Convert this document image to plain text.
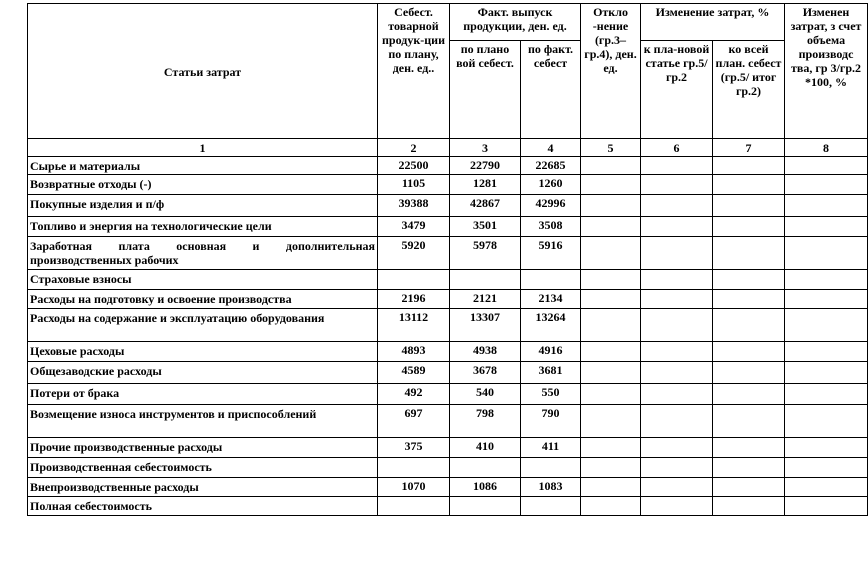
Статьи затрат	Себест. товарной продук-ции по плану, ден. ед..	Факт. выпуск продукции, ден. ед.		Откло -нение (гр.3–гр.4), ден. ед.	Изменение затрат, %		Изменен затрат, з счет объема производс тва, гр 3/гр.2 *100, %
		по плано вой себест.	по факт. себест		к пла-новой статье гр.5/гр.2	ко всей план. себест (гр.5/ итог гр.2)	
1	2	3	4	5	6	7	8
Сырье и материалы	22500	22790	22685				
Возвратные отходы (-)	1105	1281	1260				
Покупные изделия и п/ф	39388	42867	42996				
Топливо и энергия на технологические цели	3479	3501	3508				
Заработная плата основная и дополнительная производственных рабочих	5920	5978	5916				
Страховые взносы							
Расходы на подготовку и освоение производства	2196	2121	2134				
Расходы на содержание и эксплуатацию оборудования	13112	13307	13264				
Цеховые расходы	4893	4938	4916				
Общезаводские расходы	4589	3678	3681				
Потери от брака	492	540	550				
Возмещение износа инструментов и приспособлений	697	798	790				
Прочие производственные расходы	375	410	411				
Производственная себестоимость							
Внепроизводственные расходы	1070	1086	1083				
Полная себестоимость							
